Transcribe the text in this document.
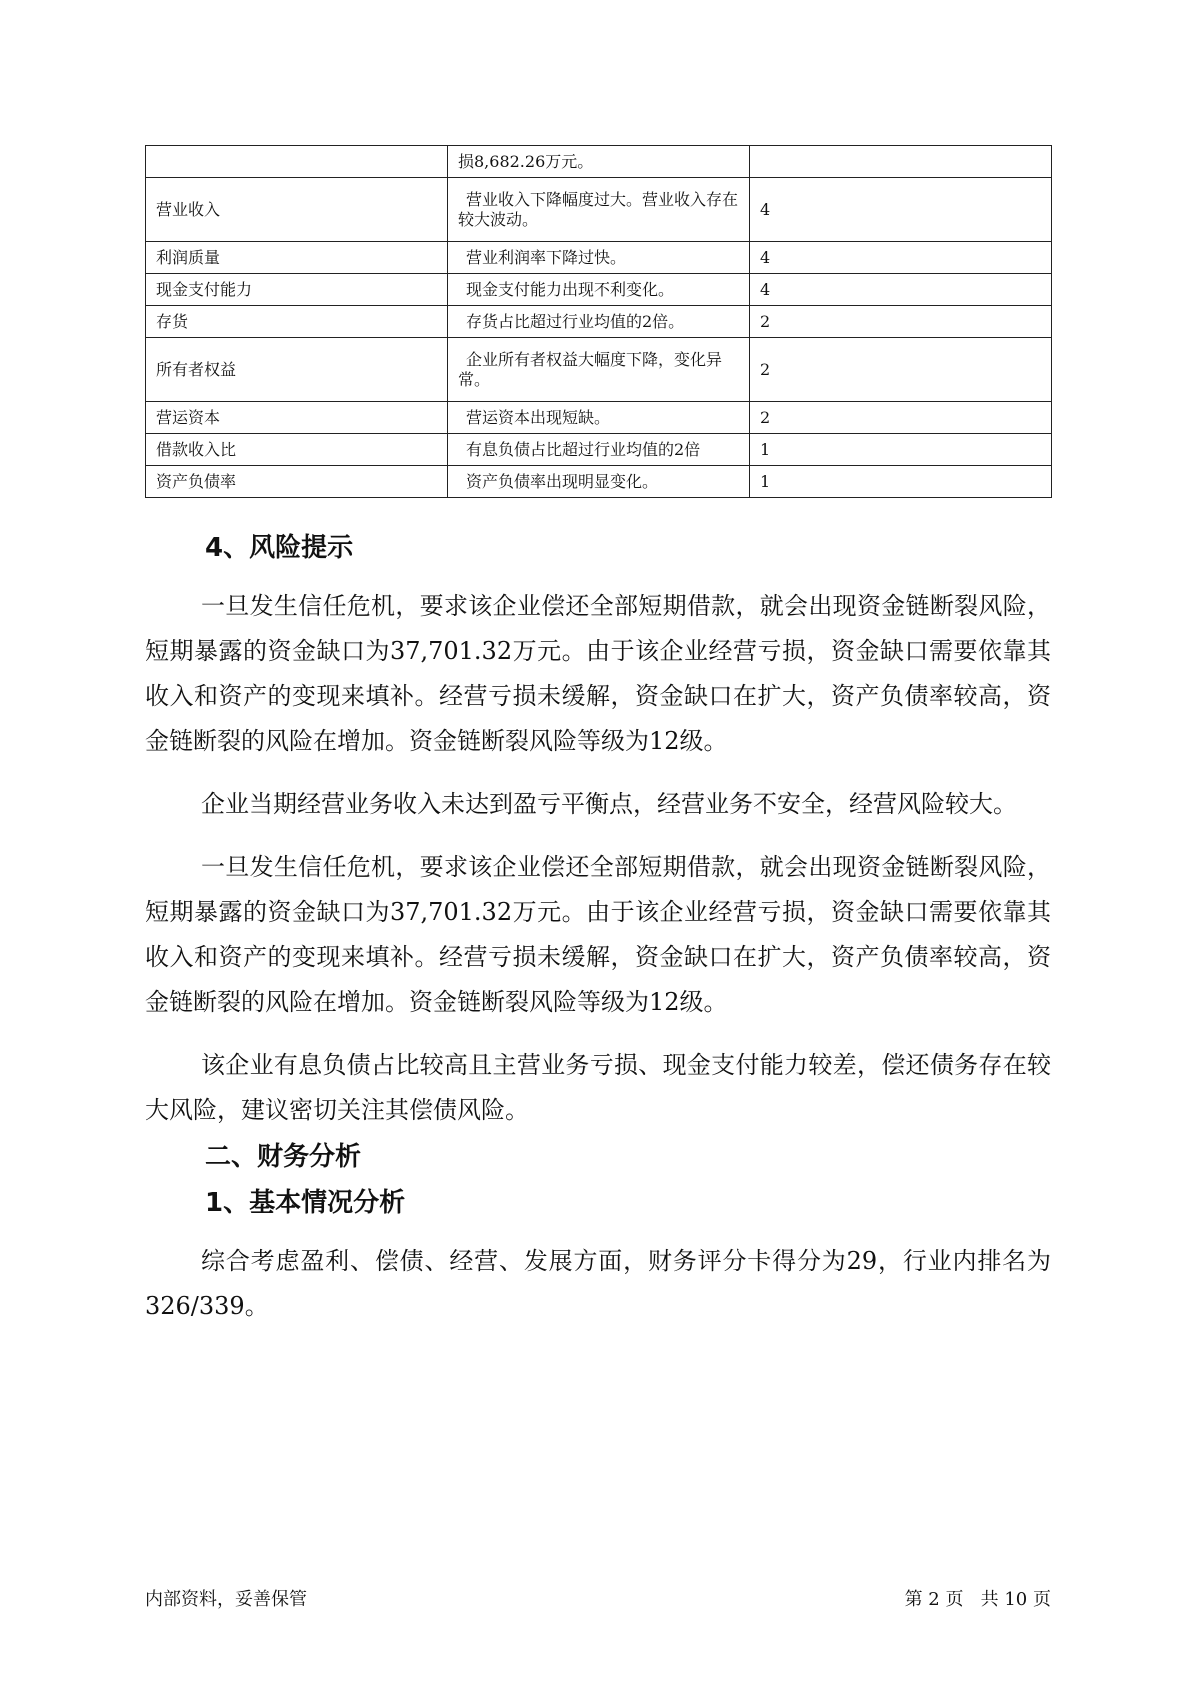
	损8,682.26万元。	
营业收入	营业收入下降幅度过大。营业收入存在较大波动。	4
利润质量	营业利润率下降过快。	4
现金支付能力	现金支付能力出现不利变化。	4
存货	存货占比超过行业均值的2倍。	2
所有者权益	企业所有者权益大幅度下降，变化异常。	2
营运资本	营运资本出现短缺。	2
借款收入比	有息负债占比超过行业均值的2倍	1
资产负债率	资产负债率出现明显变化。	1
4、风险提示

一旦发生信任危机，要求该企业偿还全部短期借款，就会出现资金链断裂风险，短期暴露的资金缺口为37,701.32万元。由于该企业经营亏损，资金缺口需要依靠其收入和资产的变现来填补。经营亏损未缓解，资金缺口在扩大，资产负债率较高，资金链断裂的风险在增加。资金链断裂风险等级为12级。

企业当期经营业务收入未达到盈亏平衡点，经营业务不安全，经营风险较大。

一旦发生信任危机，要求该企业偿还全部短期借款，就会出现资金链断裂风险，短期暴露的资金缺口为37,701.32万元。由于该企业经营亏损，资金缺口需要依靠其收入和资产的变现来填补。经营亏损未缓解，资金缺口在扩大，资产负债率较高，资金链断裂的风险在增加。资金链断裂风险等级为12级。

该企业有息负债占比较高且主营业务亏损、现金支付能力较差，偿还债务存在较大风险，建议密切关注其偿债风险。

二、财务分析
1、基本情况分析

综合考虑盈利、偿债、经营、发展方面，财务评分卡得分为29，行业内排名为326/339。

内部资料，妥善保管	第 2 页   共 10 页
